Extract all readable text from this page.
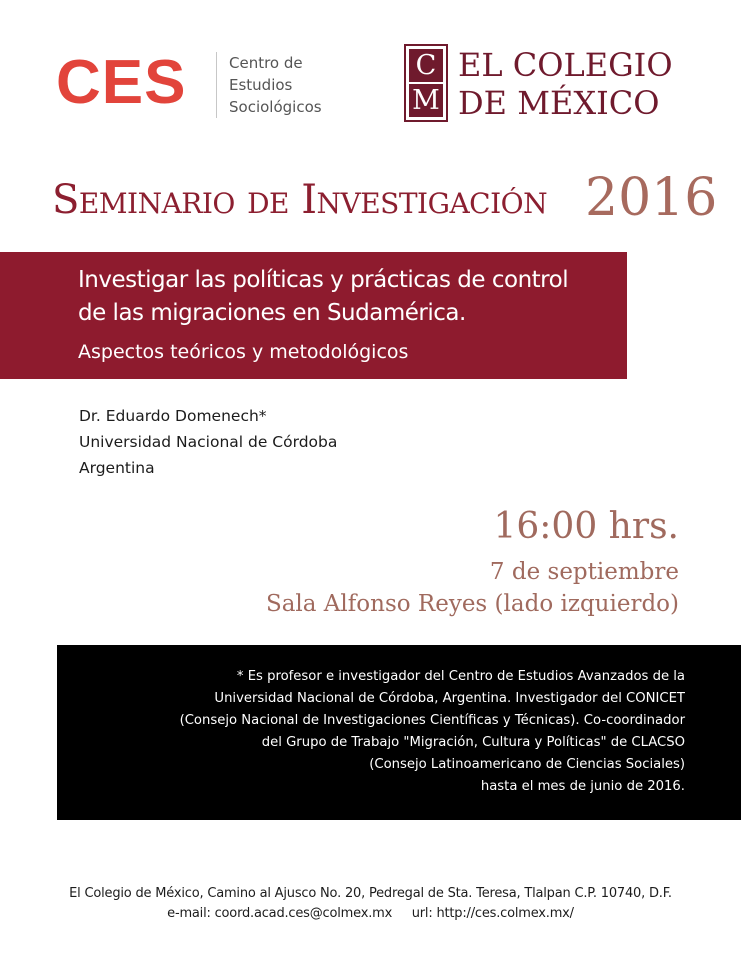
CES	Centro de
Estudios
Sociológicos
C
M
EL COLEGIO
DE MÉXICO
Seminario de Investigación 2016
Investigar las políticas y prácticas de control
de las migraciones en Sudamérica.
Aspectos teóricos y metodológicos
Dr. Eduardo Domenech*
Universidad Nacional de Córdoba
Argentina
16:00 hrs.
7 de septiembre
Sala Alfonso Reyes (lado izquierdo)
* Es profesor e investigador del Centro de Estudios Avanzados de la
Universidad Nacional de Córdoba, Argentina. Investigador del CONICET
(Consejo Nacional de Investigaciones Científicas y Técnicas). Co-coordinador
del Grupo de Trabajo "Migración, Cultura y Políticas" de CLACSO
(Consejo Latinoamericano de Ciencias Sociales)
hasta el mes de junio de 2016.
El Colegio de México, Camino al Ajusco No. 20, Pedregal de Sta. Teresa, Tlalpan C.P. 10740, D.F.
e-mail: coord.acad.ces@colmex.mx     url: http://ces.colmex.mx/
